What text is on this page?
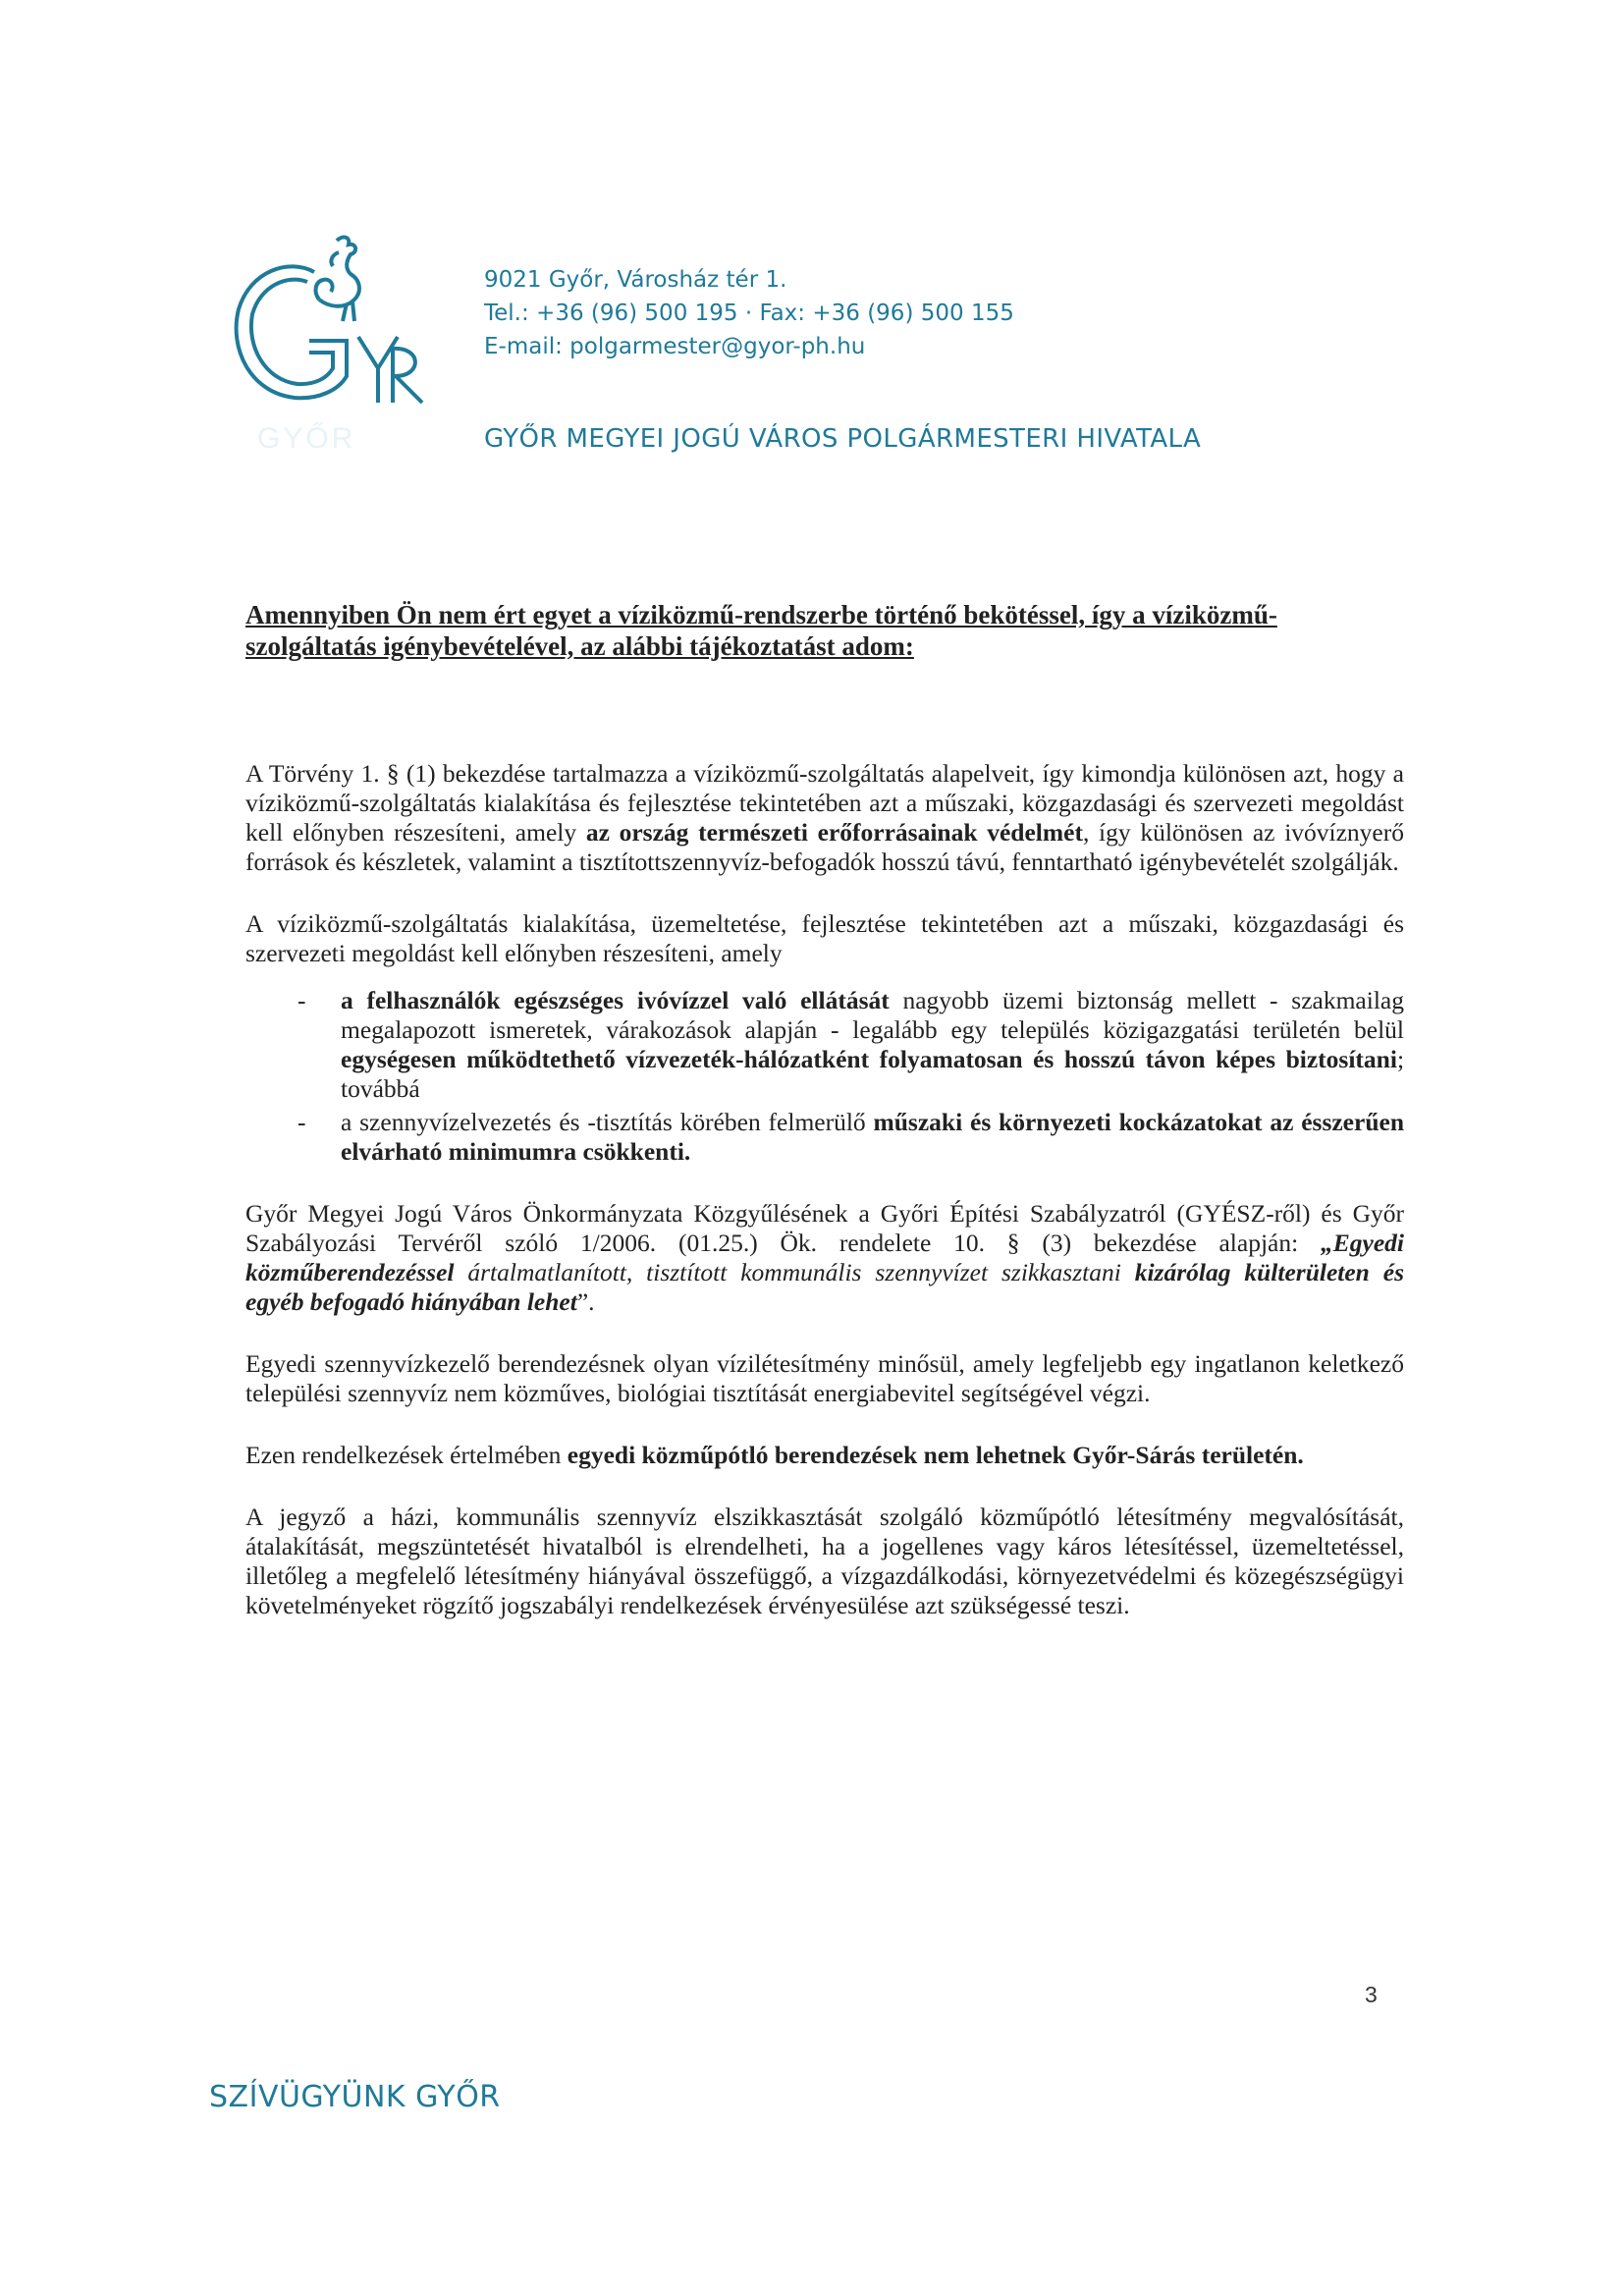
GYŐR
9021 Győr, Városház tér 1.
Tel.: +36 (96) 500 195 · Fax: +36 (96) 500 155
E-mail: polgarmester@gyor-ph.hu
GYŐR MEGYEI JOGÚ VÁROS POLGÁRMESTERI HIVATALA

Amennyiben Ön nem ért egyet a víziközmű-rendszerbe történő bekötéssel, így a víziközmű-szolgáltatás igénybevételével, az alábbi tájékoztatást adom:

A Törvény 1. § (1) bekezdése tartalmazza a víziközmű-szolgáltatás alapelveit, így kimondja különösen azt, hogy a víziközmű-szolgáltatás kialakítása és fejlesztése tekintetében azt a műszaki, közgazdasági és szervezeti megoldást kell előnyben részesíteni, amely az ország természeti erőforrásainak védelmét, így különösen az ivóvíznyerő források és készletek, valamint a tisztítottszennyvíz-befogadók hosszú távú, fenntartható igénybevételét szolgálják.

A víziközmű-szolgáltatás kialakítása, üzemeltetése, fejlesztése tekintetében azt a műszaki, közgazdasági és szervezeti megoldást kell előnyben részesíteni, amely

- a felhasználók egészséges ivóvízzel való ellátását nagyobb üzemi biztonság mellett - szakmailag megalapozott ismeretek, várakozások alapján - legalább egy település közigazgatási területén belül egységesen működtethető vízvezeték-hálózatként folyamatosan és hosszú távon képes biztosítani; továbbá
- a szennyvízelvezetés és -tisztítás körében felmerülő műszaki és környezeti kockázatokat az ésszerűen elvárható minimumra csökkenti.

Győr Megyei Jogú Város Önkormányzata Közgyűlésének a Győri Építési Szabályzatról (GYÉSZ-ről) és Győr Szabályozási Tervéről szóló 1/2006. (01.25.) Ök. rendelete 10. § (3) bekezdése alapján: „Egyedi közműberendezéssel ártalmatlanított, tisztított kommunális szennyvízet szikkasztani kizárólag külterületen és egyéb befogadó hiányában lehet”.

Egyedi szennyvízkezelő berendezésnek olyan vízilétesítmény minősül, amely legfeljebb egy ingatlanon keletkező települési szennyvíz nem közműves, biológiai tisztítását energiabevitel segítségével végzi.

Ezen rendelkezések értelmében egyedi közműpótló berendezések nem lehetnek Győr-Sárás területén.

A jegyző a házi, kommunális szennyvíz elszikkasztását szolgáló közműpótló létesítmény megvalósítását, átalakítását, megszüntetését hivatalból is elrendelheti, ha a jogellenes vagy káros létesítéssel, üzemeltetéssel, illetőleg a megfelelő létesítmény hiányával összefüggő, a vízgazdálkodási, környezetvédelmi és közegészségügyi követelményeket rögzítő jogszabályi rendelkezések érvényesülése azt szükségessé teszi.

3
SZÍVÜGYÜNK GYŐR
